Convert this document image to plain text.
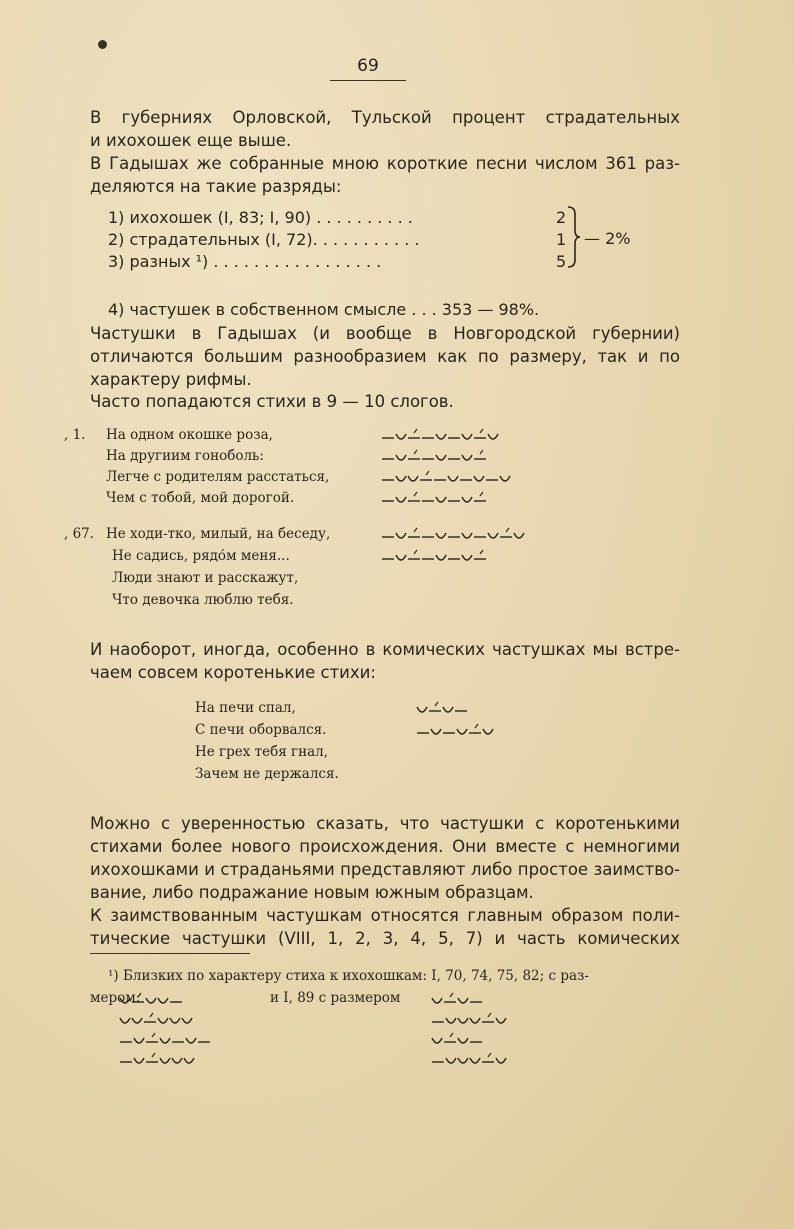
69
В губерниях Орловской, Тульской процент страдательных
и ихохошек еще выше.
В Гадышах же собранные мною короткие песни числом 361 раз-
деляются на такие разряды:
1) ихохошек (I, 83; I, 90) . . . . . . . . . .	2
2) страдательных (I, 72). . . . . . . . . . .	1
3) разных ¹) . . . . . . . . . . . . . . . . .	5
— 2%
4) частушек в собственном смысле . . . 353 — 98%.
Частушки в Гадышах (и вообще в Новгородской губернии)
отличаются большим разнообразием как по размеру, так и по
характеру рифмы.
Часто попадаются стихи в 9 — 10 слогов.
, 1. На одном окошке роза,
На другиим гоноболь:
Легче с родителям расстаться,
Чем с тобой, мой дорогой.
, 67. Не ходи-тко, милый, на беседу,
Не садись, рядо́м меня...
Люди знают и расскажут,
Что девочка люблю тебя.
И наоборот, иногда, особенно в комических частушках мы встре-
чаем совсем коротенькие стихи:
На печи спал,
С печи оборвался.
Не грех тебя гнал,
Зачем не держался.
Можно с уверенностью сказать, что частушки с коротенькими
стихами более нового происхождения. Они вместе с немногими
ихохошками и страданьями представляют либо простое заимство-
вание, либо подражание новым южным образцам.
К заимствованным частушкам относятся главным образом поли-
тические частушки (VIII, 1, 2, 3, 4, 5, 7) и часть комических
¹) Близких по характеру стиха к ихохошкам: I, 70, 74, 75, 82; с раз-
мером:	и I, 89 с размером
